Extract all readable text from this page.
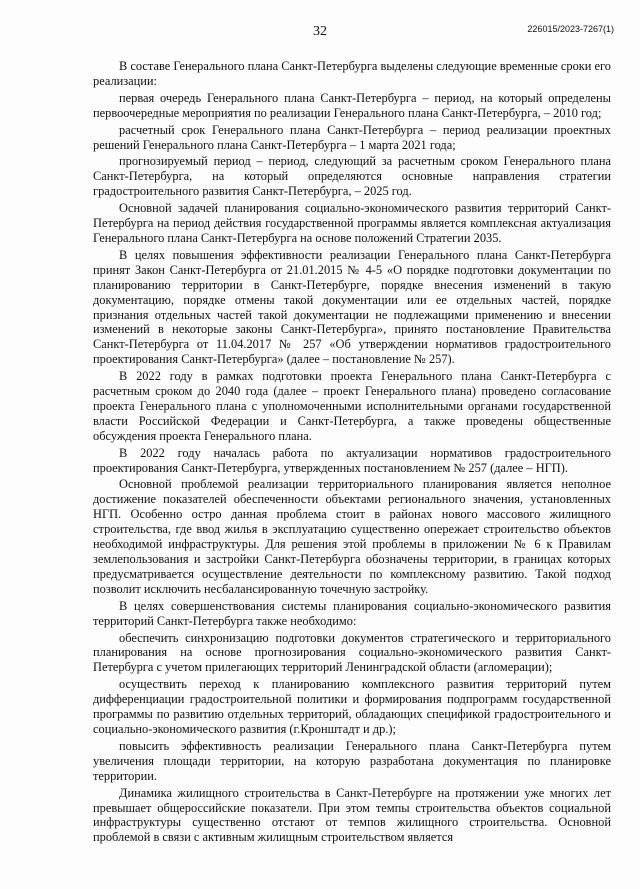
32	226015/2023-7267(1)

В составе Генерального плана Санкт-Петербурга выделены следующие временные сроки его реализации:

первая очередь Генерального плана Санкт-Петербурга – период, на который определены первоочередные мероприятия по реализации Генерального плана Санкт-Петербурга, – 2010 год;

расчетный срок Генерального плана Санкт-Петербурга – период реализации проектных решений Генерального плана Санкт-Петербурга – 1 марта 2021 года;

прогнозируемый период – период, следующий за расчетным сроком Генерального плана Санкт-Петербурга, на который определяются основные направления стратегии градостроительного развития Санкт-Петербурга, – 2025 год.

Основной задачей планирования социально-экономического развития территорий Санкт-Петербурга на период действия государственной программы является комплексная актуализация Генерального плана Санкт-Петербурга на основе положений Стратегии 2035.

В целях повышения эффективности реализации Генерального плана Санкт-Петербурга принят Закон Санкт-Петербурга от 21.01.2015 № 4-5 «О порядке подготовки документации по планированию территории в Санкт-Петербурге, порядке внесения изменений в такую документацию, порядке отмены такой документации или ее отдельных частей, порядке признания отдельных частей такой документации не подлежащими применению и внесении изменений в некоторые законы Санкт-Петербурга», принято постановление Правительства Санкт-Петербурга от 11.04.2017 № 257 «Об утверждении нормативов градостроительного проектирования Санкт-Петербурга» (далее – постановление № 257).

В 2022 году в рамках подготовки проекта Генерального плана Санкт-Петербурга с расчетным сроком до 2040 года (далее – проект Генерального плана) проведено согласование проекта Генерального плана с уполномоченными исполнительными органами государственной власти Российской Федерации и Санкт-Петербурга, а также проведены общественные обсуждения проекта Генерального плана.

В 2022 году началась работа по актуализации нормативов градостроительного проектирования Санкт-Петербурга, утвержденных постановлением № 257 (далее – НГП).

Основной проблемой реализации территориального планирования является неполное достижение показателей обеспеченности объектами регионального значения, установленных НГП. Особенно остро данная проблема стоит в районах нового массового жилищного строительства, где ввод жилья в эксплуатацию существенно опережает строительство объектов необходимой инфраструктуры. Для решения этой проблемы в приложении № 6 к Правилам землепользования и застройки Санкт-Петербурга обозначены территории, в границах которых предусматривается осуществление деятельности по комплексному развитию. Такой подход позволит исключить несбалансированную точечную застройку.

В целях совершенствования системы планирования социально-экономического развития территорий Санкт-Петербурга также необходимо:

обеспечить синхронизацию подготовки документов стратегического и территориального планирования на основе прогнозирования социально-экономического развития Санкт-Петербурга с учетом прилегающих территорий Ленинградской области (агломерации);

осуществить переход к планированию комплексного развития территорий путем дифференциации градостроительной политики и формирования подпрограмм государственной программы по развитию отдельных территорий, обладающих спецификой градостроительного и социально-экономического развития (г.Кронштадт и др.);

повысить эффективность реализации Генерального плана Санкт-Петербурга путем увеличения площади территории, на которую разработана документация по планировке территории.

Динамика жилищного строительства в Санкт-Петербурге на протяжении уже многих лет превышает общероссийские показатели. При этом темпы строительства объектов социальной инфраструктуры существенно отстают от темпов жилищного строительства. Основной проблемой в связи с активным жилищным строительством является
